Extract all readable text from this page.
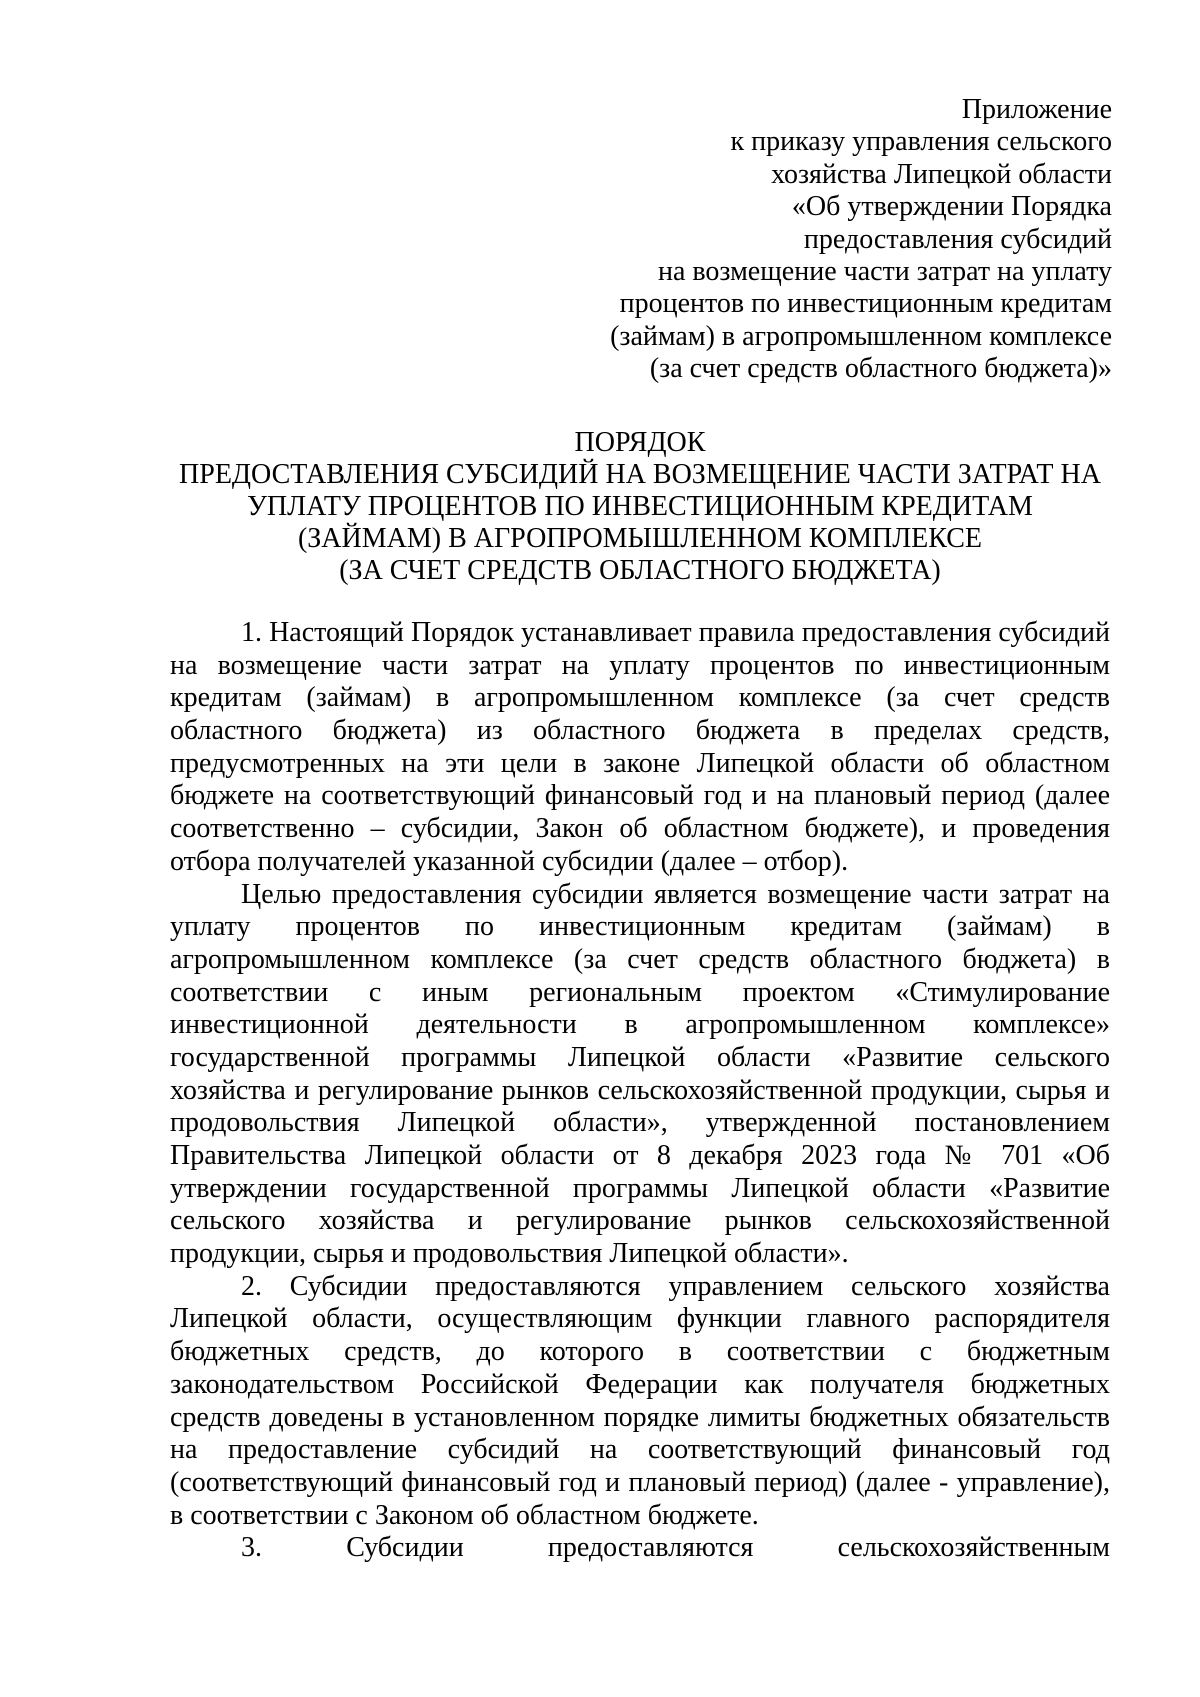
Приложение
к приказу управления сельского
хозяйства Липецкой области
«Об утверждении Порядка
предоставления субсидий
на возмещение части затрат на уплату
процентов по инвестиционным кредитам
(займам) в агропромышленном комплексе
(за счет средств областного бюджета)»
ПОРЯДОК
ПРЕДОСТАВЛЕНИЯ СУБСИДИЙ НА ВОЗМЕЩЕНИЕ ЧАСТИ ЗАТРАТ НА
УПЛАТУ ПРОЦЕНТОВ ПО ИНВЕСТИЦИОННЫМ КРЕДИТАМ
(ЗАЙМАМ) В АГРОПРОМЫШЛЕННОМ КОМПЛЕКСЕ
(ЗА СЧЕТ СРЕДСТВ ОБЛАСТНОГО БЮДЖЕТА)
1. Настоящий Порядок устанавливает правила предоставления субсидий
на возмещение части затрат на уплату процентов по инвестиционным
кредитам (займам) в агропромышленном комплексе (за счет средств
областного бюджета) из областного бюджета в пределах средств,
предусмотренных на эти цели в законе Липецкой области об областном
бюджете на соответствующий финансовый год и на плановый период (далее
соответственно – субсидии, Закон об областном бюджете), и проведения
отбора получателей указанной субсидии (далее – отбор).
Целью предоставления субсидии является возмещение части затрат на
уплату процентов по инвестиционным кредитам (займам) в
агропромышленном комплексе (за счет средств областного бюджета) в
соответствии с иным региональным проектом «Стимулирование
инвестиционной деятельности в агропромышленном комплексе»
государственной программы Липецкой области «Развитие сельского
хозяйства и регулирование рынков сельскохозяйственной продукции, сырья и
продовольствия Липецкой области», утвержденной постановлением
Правительства Липецкой области от 8 декабря 2023 года № 701 «Об
утверждении государственной программы Липецкой области «Развитие
сельского хозяйства и регулирование рынков сельскохозяйственной
продукции, сырья и продовольствия Липецкой области».
2. Субсидии предоставляются управлением сельского хозяйства
Липецкой области, осуществляющим функции главного распорядителя
бюджетных средств, до которого в соответствии с бюджетным
законодательством Российской Федерации как получателя бюджетных
средств доведены в установленном порядке лимиты бюджетных обязательств
на предоставление субсидий на соответствующий финансовый год
(соответствующий финансовый год и плановый период) (далее - управление),
в соответствии с Законом об областном бюджете.
3. Субсидии предоставляются сельскохозяйственным
